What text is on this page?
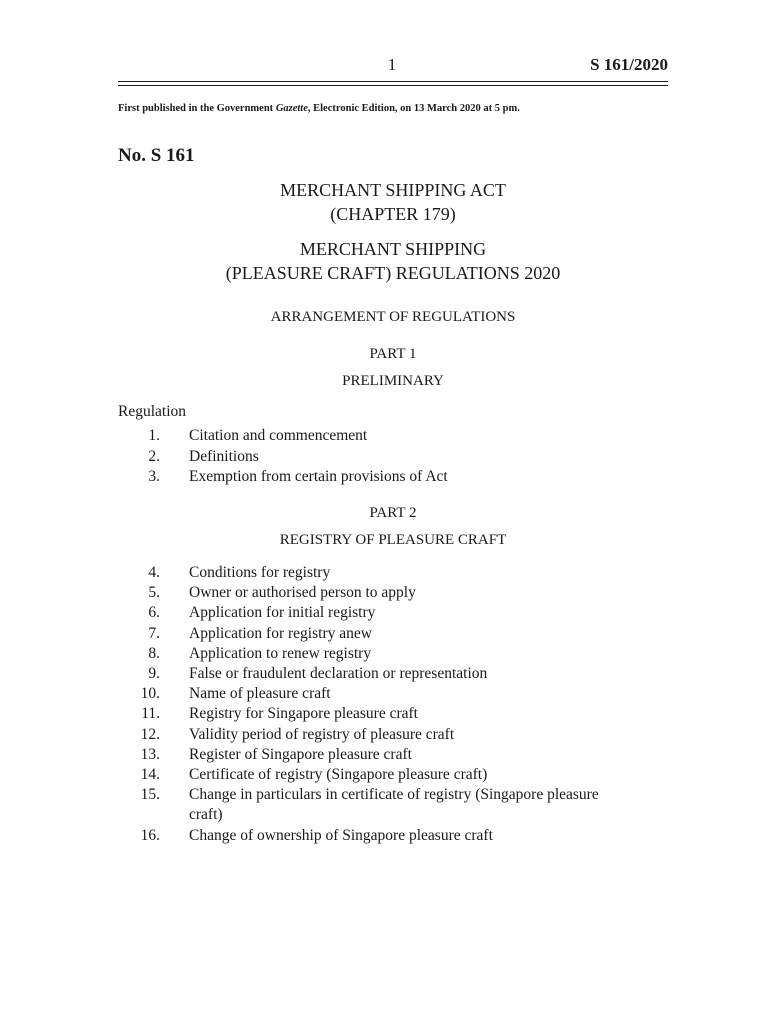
1	S 161/2020
First published in the Government Gazette, Electronic Edition, on 13 March 2020 at 5 pm.
No. S 161
MERCHANT SHIPPING ACT
(CHAPTER 179)
MERCHANT SHIPPING
(PLEASURE CRAFT) REGULATIONS 2020
ARRANGEMENT OF REGULATIONS
PART 1
PRELIMINARY
Regulation
1. Citation and commencement
2. Definitions
3. Exemption from certain provisions of Act
PART 2
REGISTRY OF PLEASURE CRAFT
4. Conditions for registry
5. Owner or authorised person to apply
6. Application for initial registry
7. Application for registry anew
8. Application to renew registry
9. False or fraudulent declaration or representation
10. Name of pleasure craft
11. Registry for Singapore pleasure craft
12. Validity period of registry of pleasure craft
13. Register of Singapore pleasure craft
14. Certificate of registry (Singapore pleasure craft)
15. Change in particulars in certificate of registry (Singapore pleasure craft)
16. Change of ownership of Singapore pleasure craft
